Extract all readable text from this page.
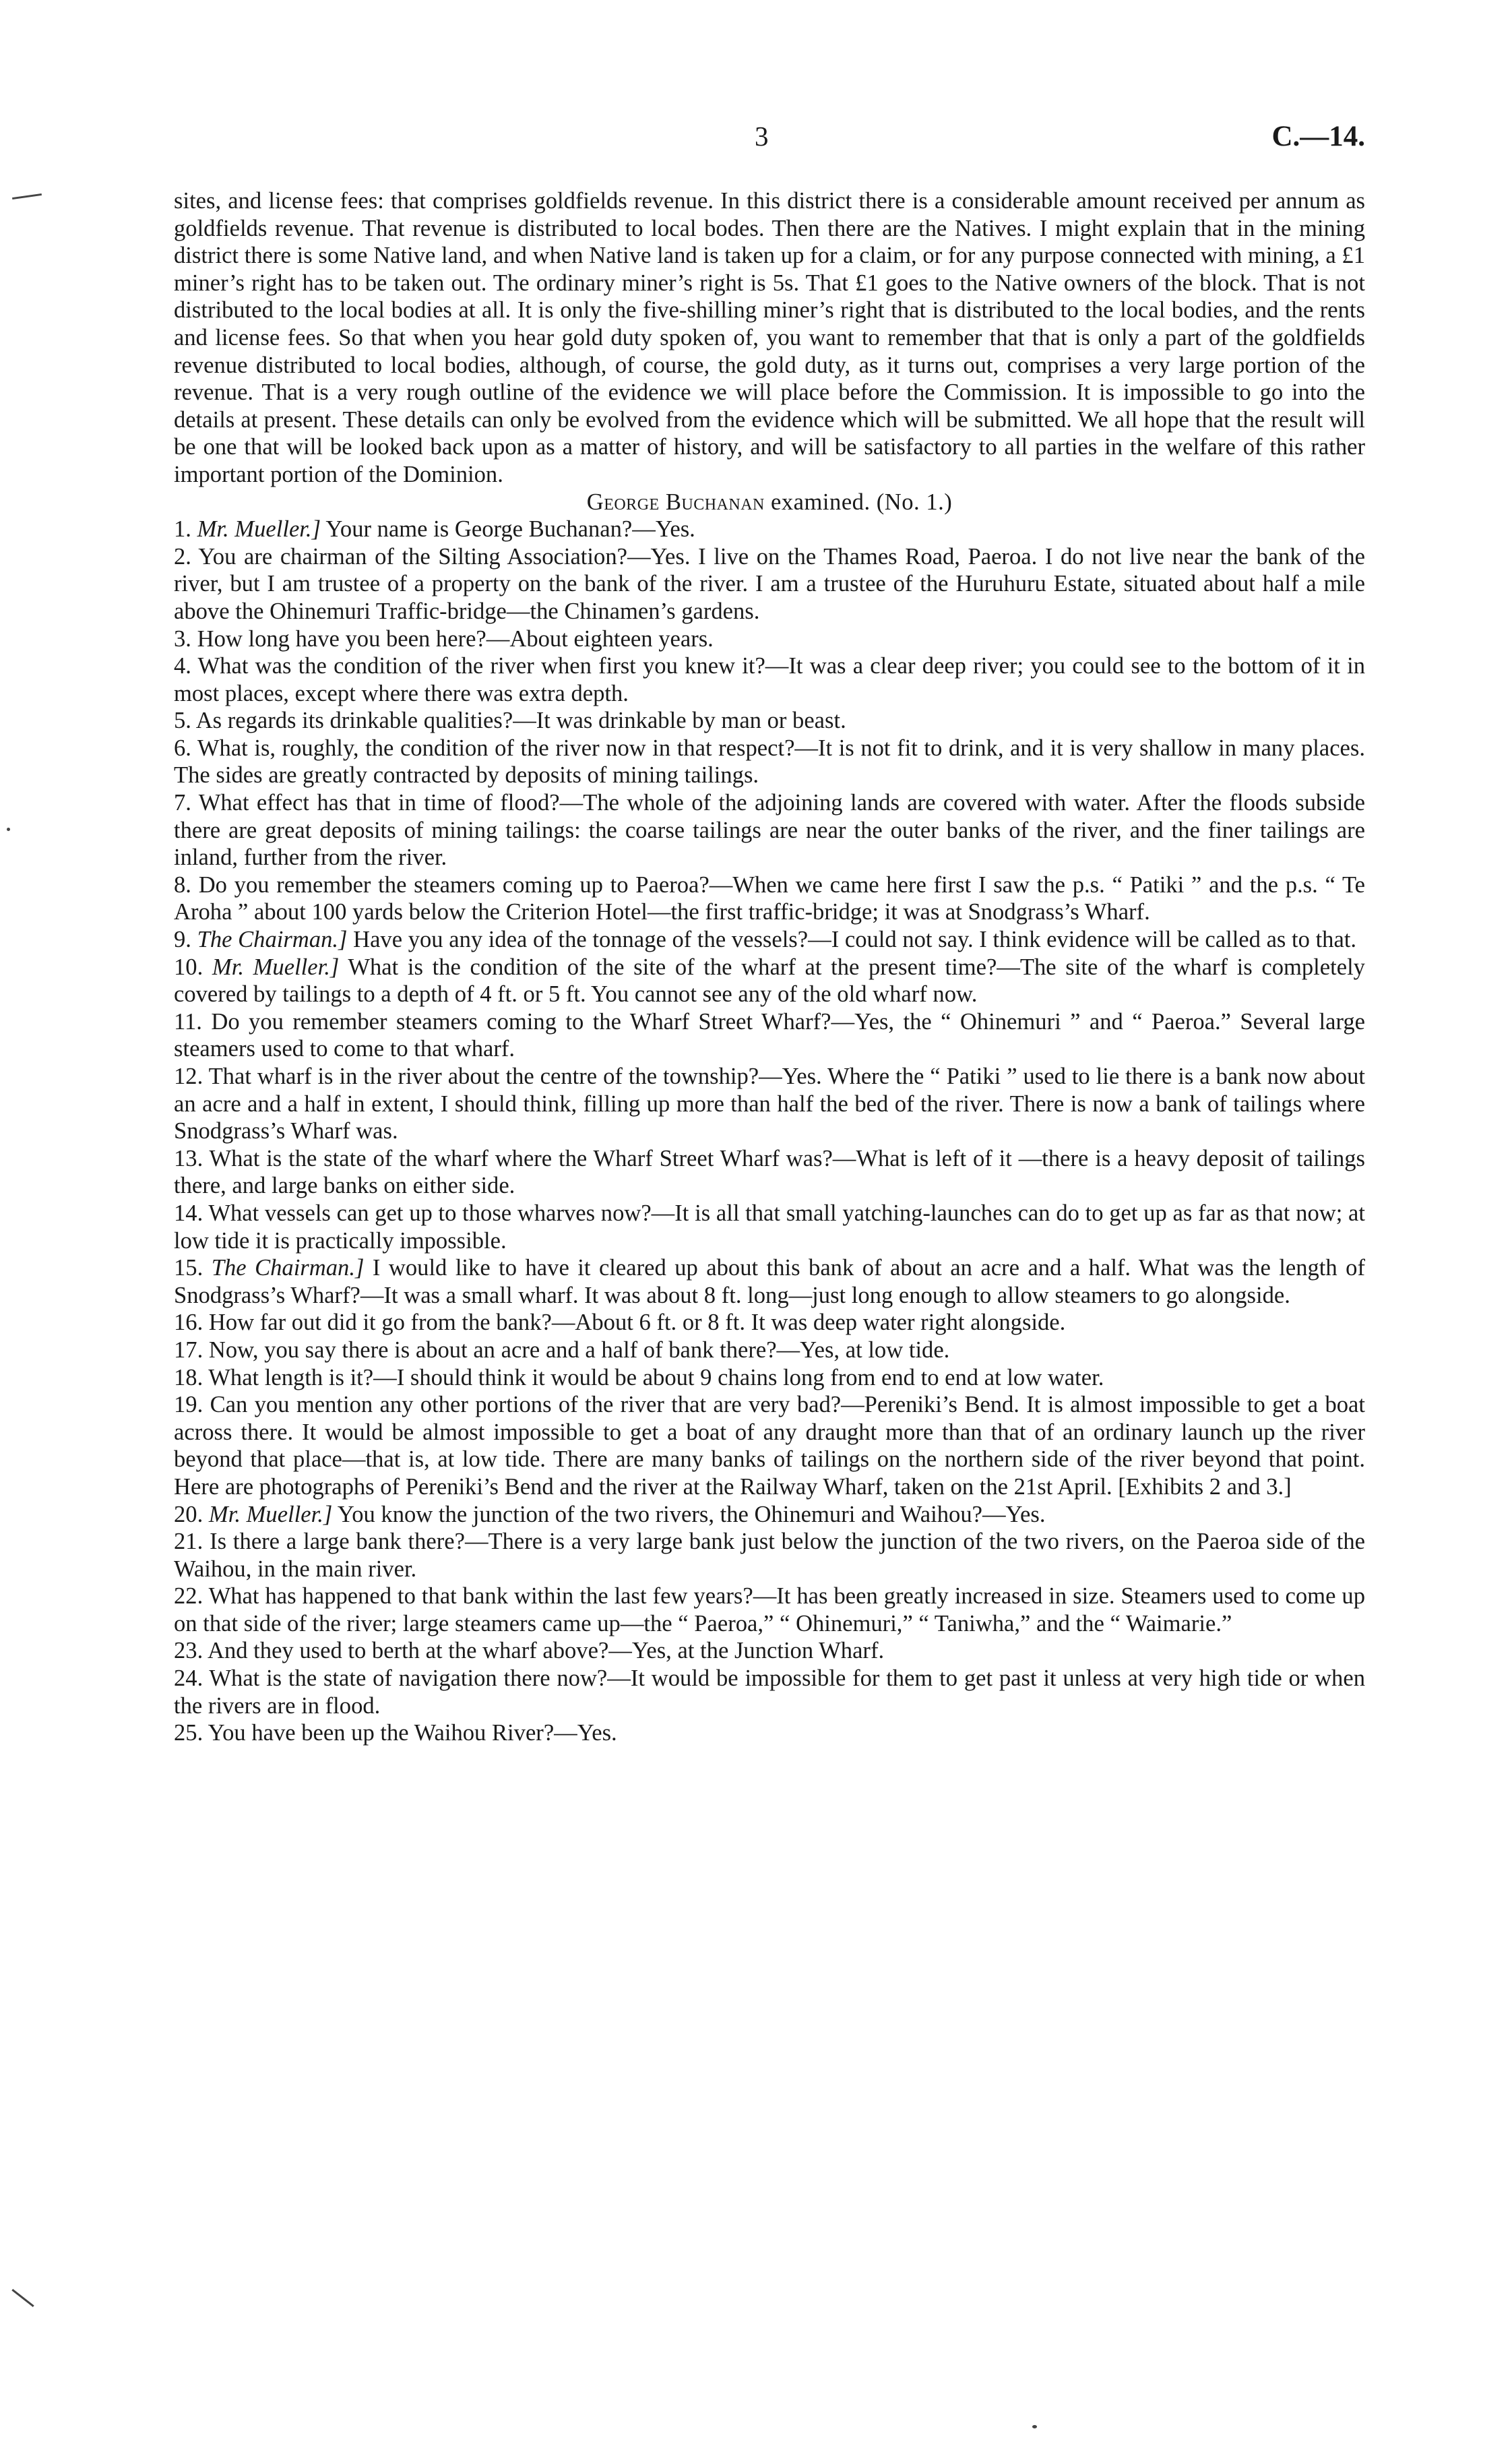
3	C.—14.

sites, and license fees: that comprises goldfields revenue. In this district there is a considerable amount received per annum as goldfields revenue. That revenue is distributed to local bodes. Then there are the Natives. I might explain that in the mining district there is some Native land, and when Native land is taken up for a claim, or for any purpose connected with mining, a £1 miner’s right has to be taken out. The ordinary miner’s right is 5s. That £1 goes to the Native owners of the block. That is not distributed to the local bodies at all. It is only the five-shilling miner’s right that is distributed to the local bodies, and the rents and license fees. So that when you hear gold duty spoken of, you want to remember that that is only a part of the goldfields revenue distributed to local bodies, although, of course, the gold duty, as it turns out, comprises a very large portion of the revenue. That is a very rough outline of the evidence we will place before the Commission. It is impossible to go into the details at present. These details can only be evolved from the evidence which will be submitted. We all hope that the result will be one that will be looked back upon as a matter of history, and will be satisfactory to all parties in the welfare of this rather important portion of the Dominion.

George Buchanan examined. (No. 1.)

1. Mr. Mueller.] Your name is George Buchanan?—Yes.

2. You are chairman of the Silting Association?—Yes. I live on the Thames Road, Paeroa. I do not live near the bank of the river, but I am trustee of a property on the bank of the river. I am a trustee of the Huruhuru Estate, situated about half a mile above the Ohinemuri Traffic-bridge—the Chinamen’s gardens.

3. How long have you been here?—About eighteen years.

4. What was the condition of the river when first you knew it?—It was a clear deep river; you could see to the bottom of it in most places, except where there was extra depth.

5. As regards its drinkable qualities?—It was drinkable by man or beast.

6. What is, roughly, the condition of the river now in that respect?—It is not fit to drink, and it is very shallow in many places. The sides are greatly contracted by deposits of mining tailings.

7. What effect has that in time of flood?—The whole of the adjoining lands are covered with water. After the floods subside there are great deposits of mining tailings: the coarse tailings are near the outer banks of the river, and the finer tailings are inland, further from the river.

8. Do you remember the steamers coming up to Paeroa?—When we came here first I saw the p.s. “ Patiki ” and the p.s. “ Te Aroha ” about 100 yards below the Criterion Hotel—the first traffic-bridge; it was at Snodgrass’s Wharf.

9. The Chairman.] Have you any idea of the tonnage of the vessels?—I could not say. I think evidence will be called as to that.

10. Mr. Mueller.] What is the condition of the site of the wharf at the present time?—The site of the wharf is completely covered by tailings to a depth of 4 ft. or 5 ft. You cannot see any of the old wharf now.

11. Do you remember steamers coming to the Wharf Street Wharf?—Yes, the “ Ohinemuri ” and “ Paeroa.” Several large steamers used to come to that wharf.

12. That wharf is in the river about the centre of the township?—Yes. Where the “ Patiki ” used to lie there is a bank now about an acre and a half in extent, I should think, filling up more than half the bed of the river. There is now a bank of tailings where Snodgrass’s Wharf was.

13. What is the state of the wharf where the Wharf Street Wharf was?—What is left of it —there is a heavy deposit of tailings there, and large banks on either side.

14. What vessels can get up to those wharves now?—It is all that small yatching-launches can do to get up as far as that now; at low tide it is practically impossible.

15. The Chairman.] I would like to have it cleared up about this bank of about an acre and a half. What was the length of Snodgrass’s Wharf?—It was a small wharf. It was about 8 ft. long—just long enough to allow steamers to go alongside.

16. How far out did it go from the bank?—About 6 ft. or 8 ft. It was deep water right alongside.

17. Now, you say there is about an acre and a half of bank there?—Yes, at low tide.

18. What length is it?—I should think it would be about 9 chains long from end to end at low water.

19. Can you mention any other portions of the river that are very bad?—Pereniki’s Bend. It is almost impossible to get a boat across there. It would be almost impossible to get a boat of any draught more than that of an ordinary launch up the river beyond that place—that is, at low tide. There are many banks of tailings on the northern side of the river beyond that point. Here are photographs of Pereniki’s Bend and the river at the Railway Wharf, taken on the 21st April. [Exhibits 2 and 3.]

20. Mr. Mueller.] You know the junction of the two rivers, the Ohinemuri and Waihou?—Yes.

21. Is there a large bank there?—There is a very large bank just below the junction of the two rivers, on the Paeroa side of the Waihou, in the main river.

22. What has happened to that bank within the last few years?—It has been greatly increased in size. Steamers used to come up on that side of the river; large steamers came up—the “ Paeroa,” “ Ohinemuri,” “ Taniwha,” and the “ Waimarie.”

23. And they used to berth at the wharf above?—Yes, at the Junction Wharf.

24. What is the state of navigation there now?—It would be impossible for them to get past it unless at very high tide or when the rivers are in flood.

25. You have been up the Waihou River?—Yes.
